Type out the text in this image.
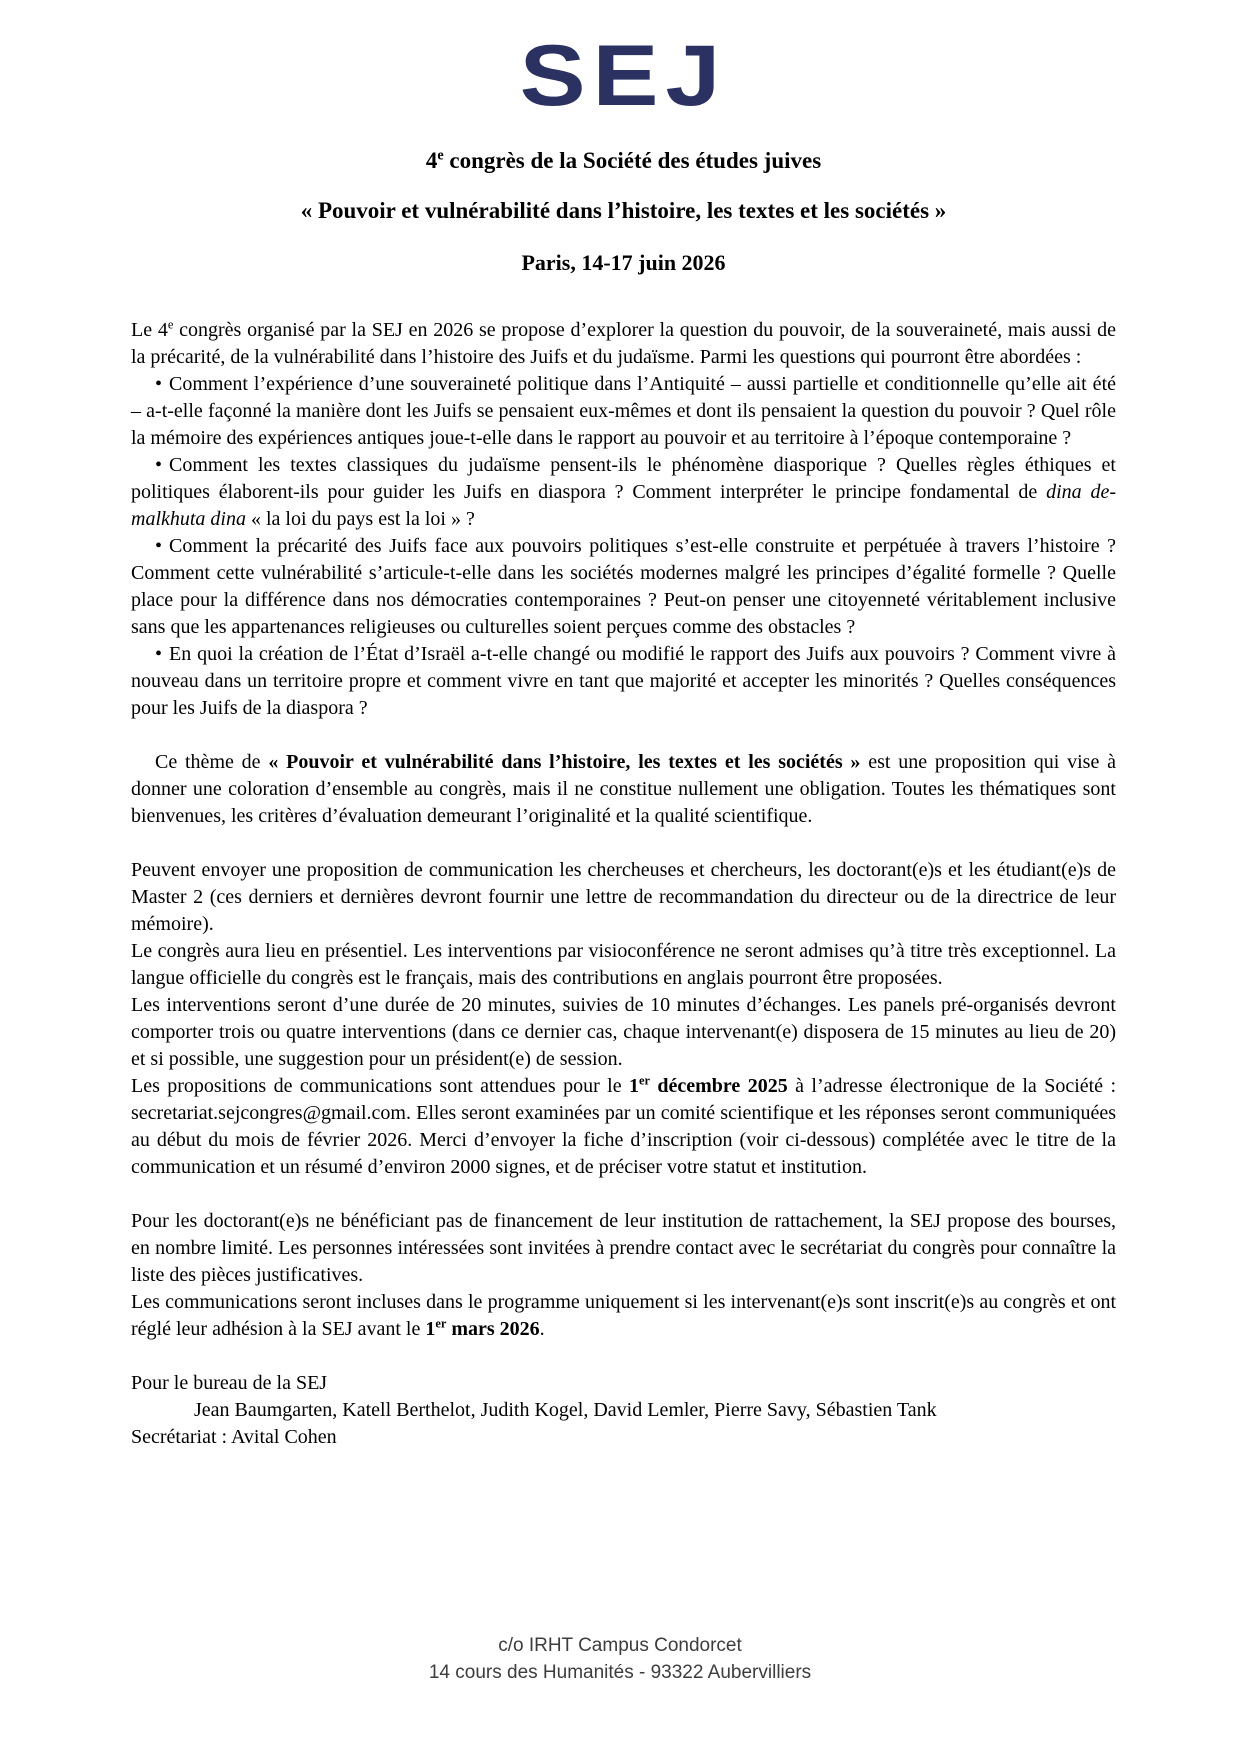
SEJ
4e congrès de la Société des études juives
« Pouvoir et vulnérabilité dans l’histoire, les textes et les sociétés »
Paris, 14-17 juin 2026

Le 4e congrès organisé par la SEJ en 2026 se propose d’explorer la question du pouvoir, de la souveraineté, mais aussi de la précarité, de la vulnérabilité dans l’histoire des Juifs et du judaïsme. Parmi les questions qui pourront être abordées :

• Comment l’expérience d’une souveraineté politique dans l’Antiquité – aussi partielle et conditionnelle qu’elle ait été – a-t-elle façonné la manière dont les Juifs se pensaient eux-mêmes et dont ils pensaient la question du pouvoir ? Quel rôle la mémoire des expériences antiques joue-t-elle dans le rapport au pouvoir et au territoire à l’époque contemporaine ?

• Comment les textes classiques du judaïsme pensent-ils le phénomène diasporique ? Quelles règles éthiques et politiques élaborent-ils pour guider les Juifs en diaspora ? Comment interpréter le principe fondamental de dina de-malkhuta dina « la loi du pays est la loi » ?

• Comment la précarité des Juifs face aux pouvoirs politiques s’est-elle construite et perpétuée à travers l’histoire ? Comment cette vulnérabilité s’articule-t-elle dans les sociétés modernes malgré les principes d’égalité formelle ? Quelle place pour la différence dans nos démocraties contemporaines ? Peut-on penser une citoyenneté véritablement inclusive sans que les appartenances religieuses ou culturelles soient perçues comme des obstacles ?

• En quoi la création de l’État d’Israël a-t-elle changé ou modifié le rapport des Juifs aux pouvoirs ? Comment vivre à nouveau dans un territoire propre et comment vivre en tant que majorité et accepter les minorités ? Quelles conséquences pour les Juifs de la diaspora ?

Ce thème de « Pouvoir et vulnérabilité dans l’histoire, les textes et les sociétés » est une proposition qui vise à donner une coloration d’ensemble au congrès, mais il ne constitue nullement une obligation. Toutes les thématiques sont bienvenues, les critères d’évaluation demeurant l’originalité et la qualité scientifique.

Peuvent envoyer une proposition de communication les chercheuses et chercheurs, les doctorant(e)s et les étudiant(e)s de Master 2 (ces derniers et dernières devront fournir une lettre de recommandation du directeur ou de la directrice de leur mémoire).

Le congrès aura lieu en présentiel. Les interventions par visioconférence ne seront admises qu’à titre très exceptionnel. La langue officielle du congrès est le français, mais des contributions en anglais pourront être proposées.

Les interventions seront d’une durée de 20 minutes, suivies de 10 minutes d’échanges. Les panels pré-organisés devront comporter trois ou quatre interventions (dans ce dernier cas, chaque intervenant(e) disposera de 15 minutes au lieu de 20) et si possible, une suggestion pour un président(e) de session.

Les propositions de communications sont attendues pour le 1er décembre 2025 à l’adresse électronique de la Société : secretariat.sejcongres@gmail.com. Elles seront examinées par un comité scientifique et les réponses seront communiquées au début du mois de février 2026. Merci d’envoyer la fiche d’inscription (voir ci-dessous) complétée avec le titre de la communication et un résumé d’environ 2000 signes, et de préciser votre statut et institution.

Pour les doctorant(e)s ne bénéficiant pas de financement de leur institution de rattachement, la SEJ propose des bourses, en nombre limité. Les personnes intéressées sont invitées à prendre contact avec le secrétariat du congrès pour connaître la liste des pièces justificatives.

Les communications seront incluses dans le programme uniquement si les intervenant(e)s sont inscrit(e)s au congrès et ont réglé leur adhésion à la SEJ avant le 1er mars 2026.

Pour le bureau de la SEJ

Jean Baumgarten, Katell Berthelot, Judith Kogel, David Lemler, Pierre Savy, Sébastien Tank

Secrétariat : Avital Cohen

c/o IRHT Campus Condorcet
14 cours des Humanités - 93322 Aubervilliers
